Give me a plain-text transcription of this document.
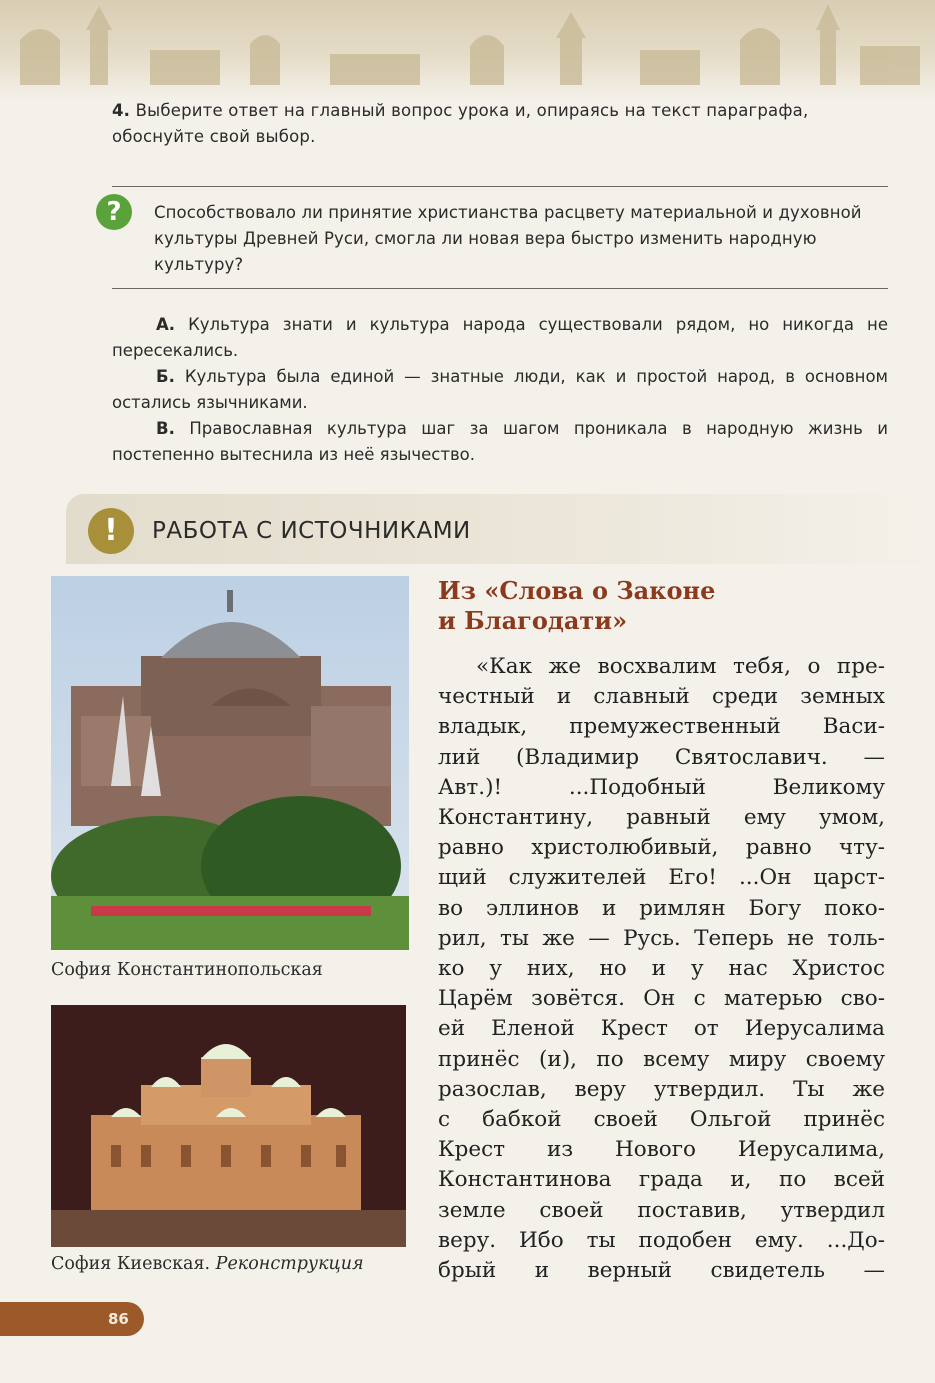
4. Выберите ответ на главный вопрос урока и, опираясь на текст параграфа, обоснуйте свой выбор.
?	Способствовало ли принятие христианства расцвету материальной и духовной культуры Древней Руси, смогла ли новая вера быстро изменить народную культуру?

А. Культура знати и культура народа существовали рядом, но никогда не пересекались.

Б. Культура была единой — знатные люди, как и простой народ, в основном остались язычниками.

В. Православная культура шаг за шагом проникала в народную жизнь и постепенно вытеснила из неё язычество.

!	РАБОТА С ИСТОЧНИКАМИ
София Константинопольская
София Киевская. Реконструкция
Из «Слова о Законе
и Благодати»
«Как же восхвалим тебя, о пре-
честный и славный среди земных
владык, премужественный Васи-
лий (Владимир Святославич. —
Авт.)! ...Подобный Великому
Константину, равный ему умом,
равно христолюбивый, равно чту-
щий служителей Его! ...Он царст-
во эллинов и римлян Богу поко-
рил, ты же — Русь. Теперь не толь-
ко у них, но и у нас Христос
Царём зовётся. Он с матерью сво-
ей Еленой Крест от Иерусалима
принёс (и), по всему миру своему
разослав, веру утвердил. Ты же
с бабкой своей Ольгой принёс
Крест из Нового Иерусалима,
Константинова града и, по всей
земле своей поставив, утвердил
веру. Ибо ты подобен ему. ...До-
брый и верный свидетель —
86
